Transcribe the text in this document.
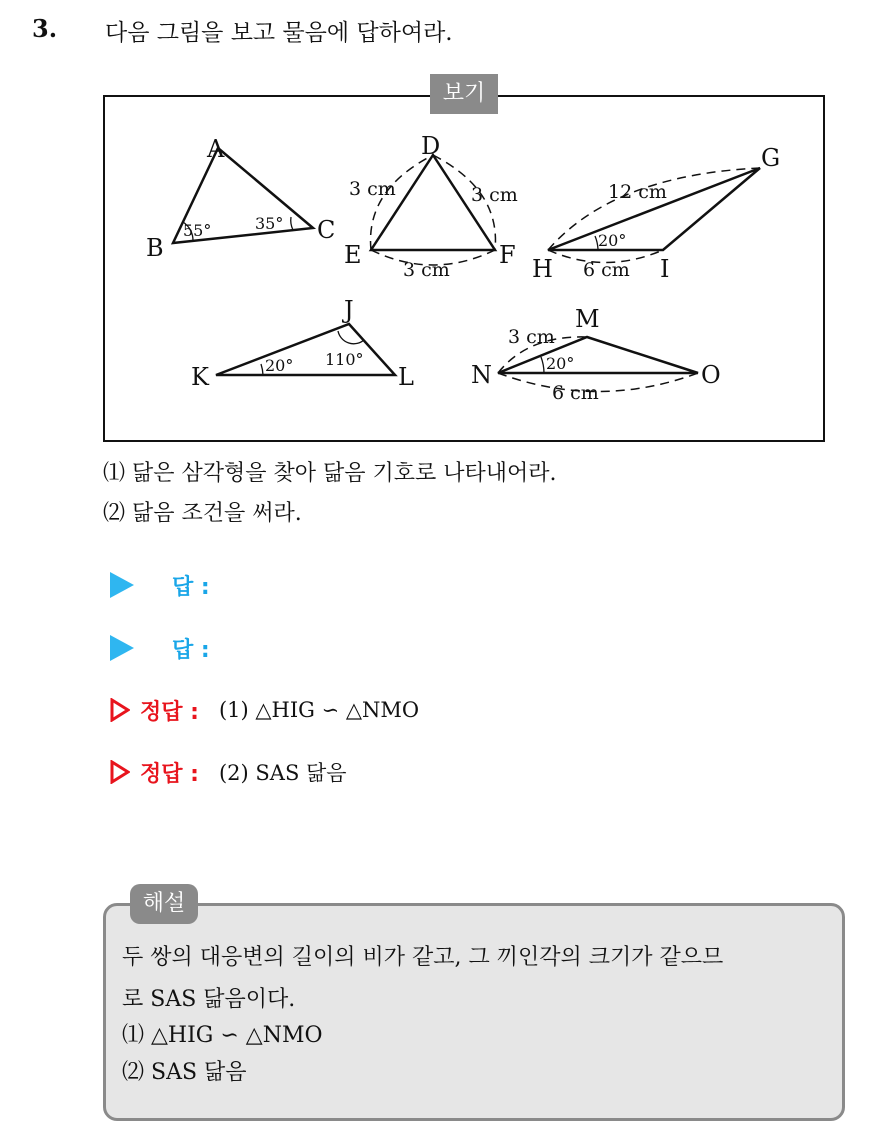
3. 다음 그림을 보고 물음에 답하여라.
A
B
C
55°	35°
D
E	F
3 cm	3 cm
3 cm
G
H	I
12 cm
6 cm
20°
J
K	L
20° 110°
M
N	O
3 cm
6 cm
20°
보기
⑴ 닮은 삼각형을 찾아 닮음 기호로 나타내어라.
⑵ 닮음 조건을 써라.
답 :
답 :
정답 : (1) △HIG ∽ △NMO
정답 : (2) SAS 닮음
해설
두 쌍의 대응변의 길이의 비가 같고, 그 끼인각의 크기가 같으므
로 SAS 닮음이다.
⑴ △HIG ∽ △NMO
⑵ SAS 닮음
